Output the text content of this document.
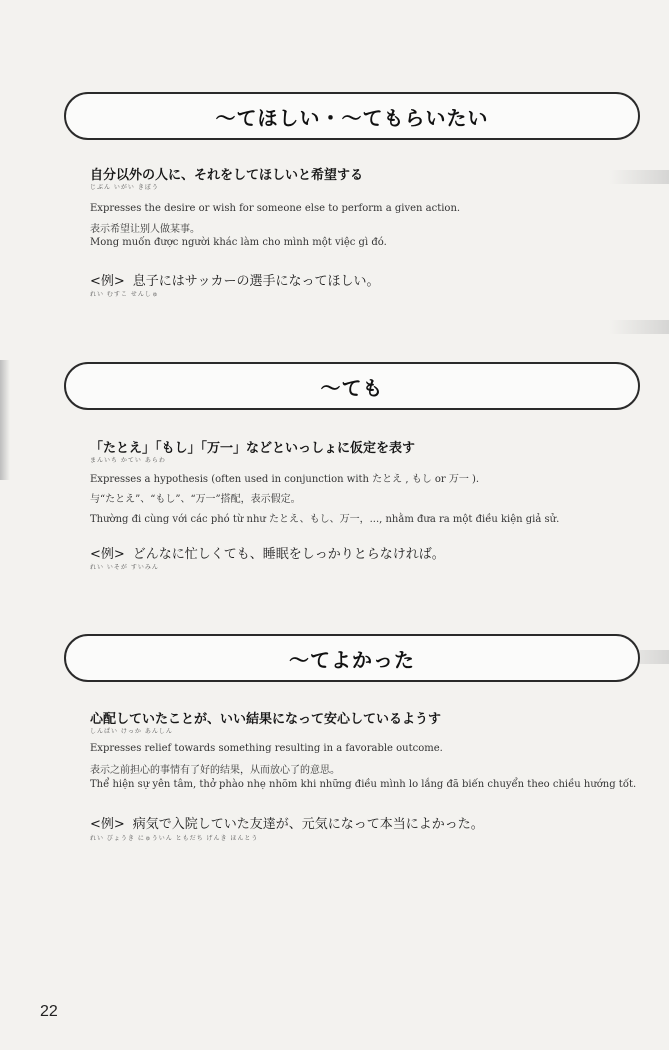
〜てほしい・〜てもらいたい
自分以外の人に、それをしてほしいと希望する
じぶん いがい きぼう
Expresses the desire or wish for someone else to perform a given action.
表示希望让别人做某事。
Mong muốn được người khác làm cho mình một việc gì đó.
<例> 息子にはサッカーの選手になってほしい。
れい むすこ せんしゅ
〜ても
「たとえ」「もし」「万一」などといっしょに仮定を表す
まんいち かてい あらわ
Expresses a hypothesis (often used in conjunction with たとえ , もし or 万一 ).
与“たとえ”、“もし”、“万一”搭配，表示假定。
Thường đi cùng với các phó từ như たとえ、もし、万一，..., nhằm đưa ra một điều kiện giả sử.
<例> どんなに忙しくても、睡眠をしっかりとらなければ。
れい いそが すいみん
〜てよかった
心配していたことが、いい結果になって安心しているようす
しんぱい けっか あんしん
Expresses relief towards something resulting in a favorable outcome.
表示之前担心的事情有了好的结果，从而放心了的意思。
Thể hiện sự yên tâm, thở phào nhẹ nhõm khi những điều mình lo lắng đã biến chuyển theo chiều hướng tốt.
<例> 病気で入院していた友達が、元気になって本当によかった。
れい びょうき にゅういん ともだち げんき ほんとう
22
